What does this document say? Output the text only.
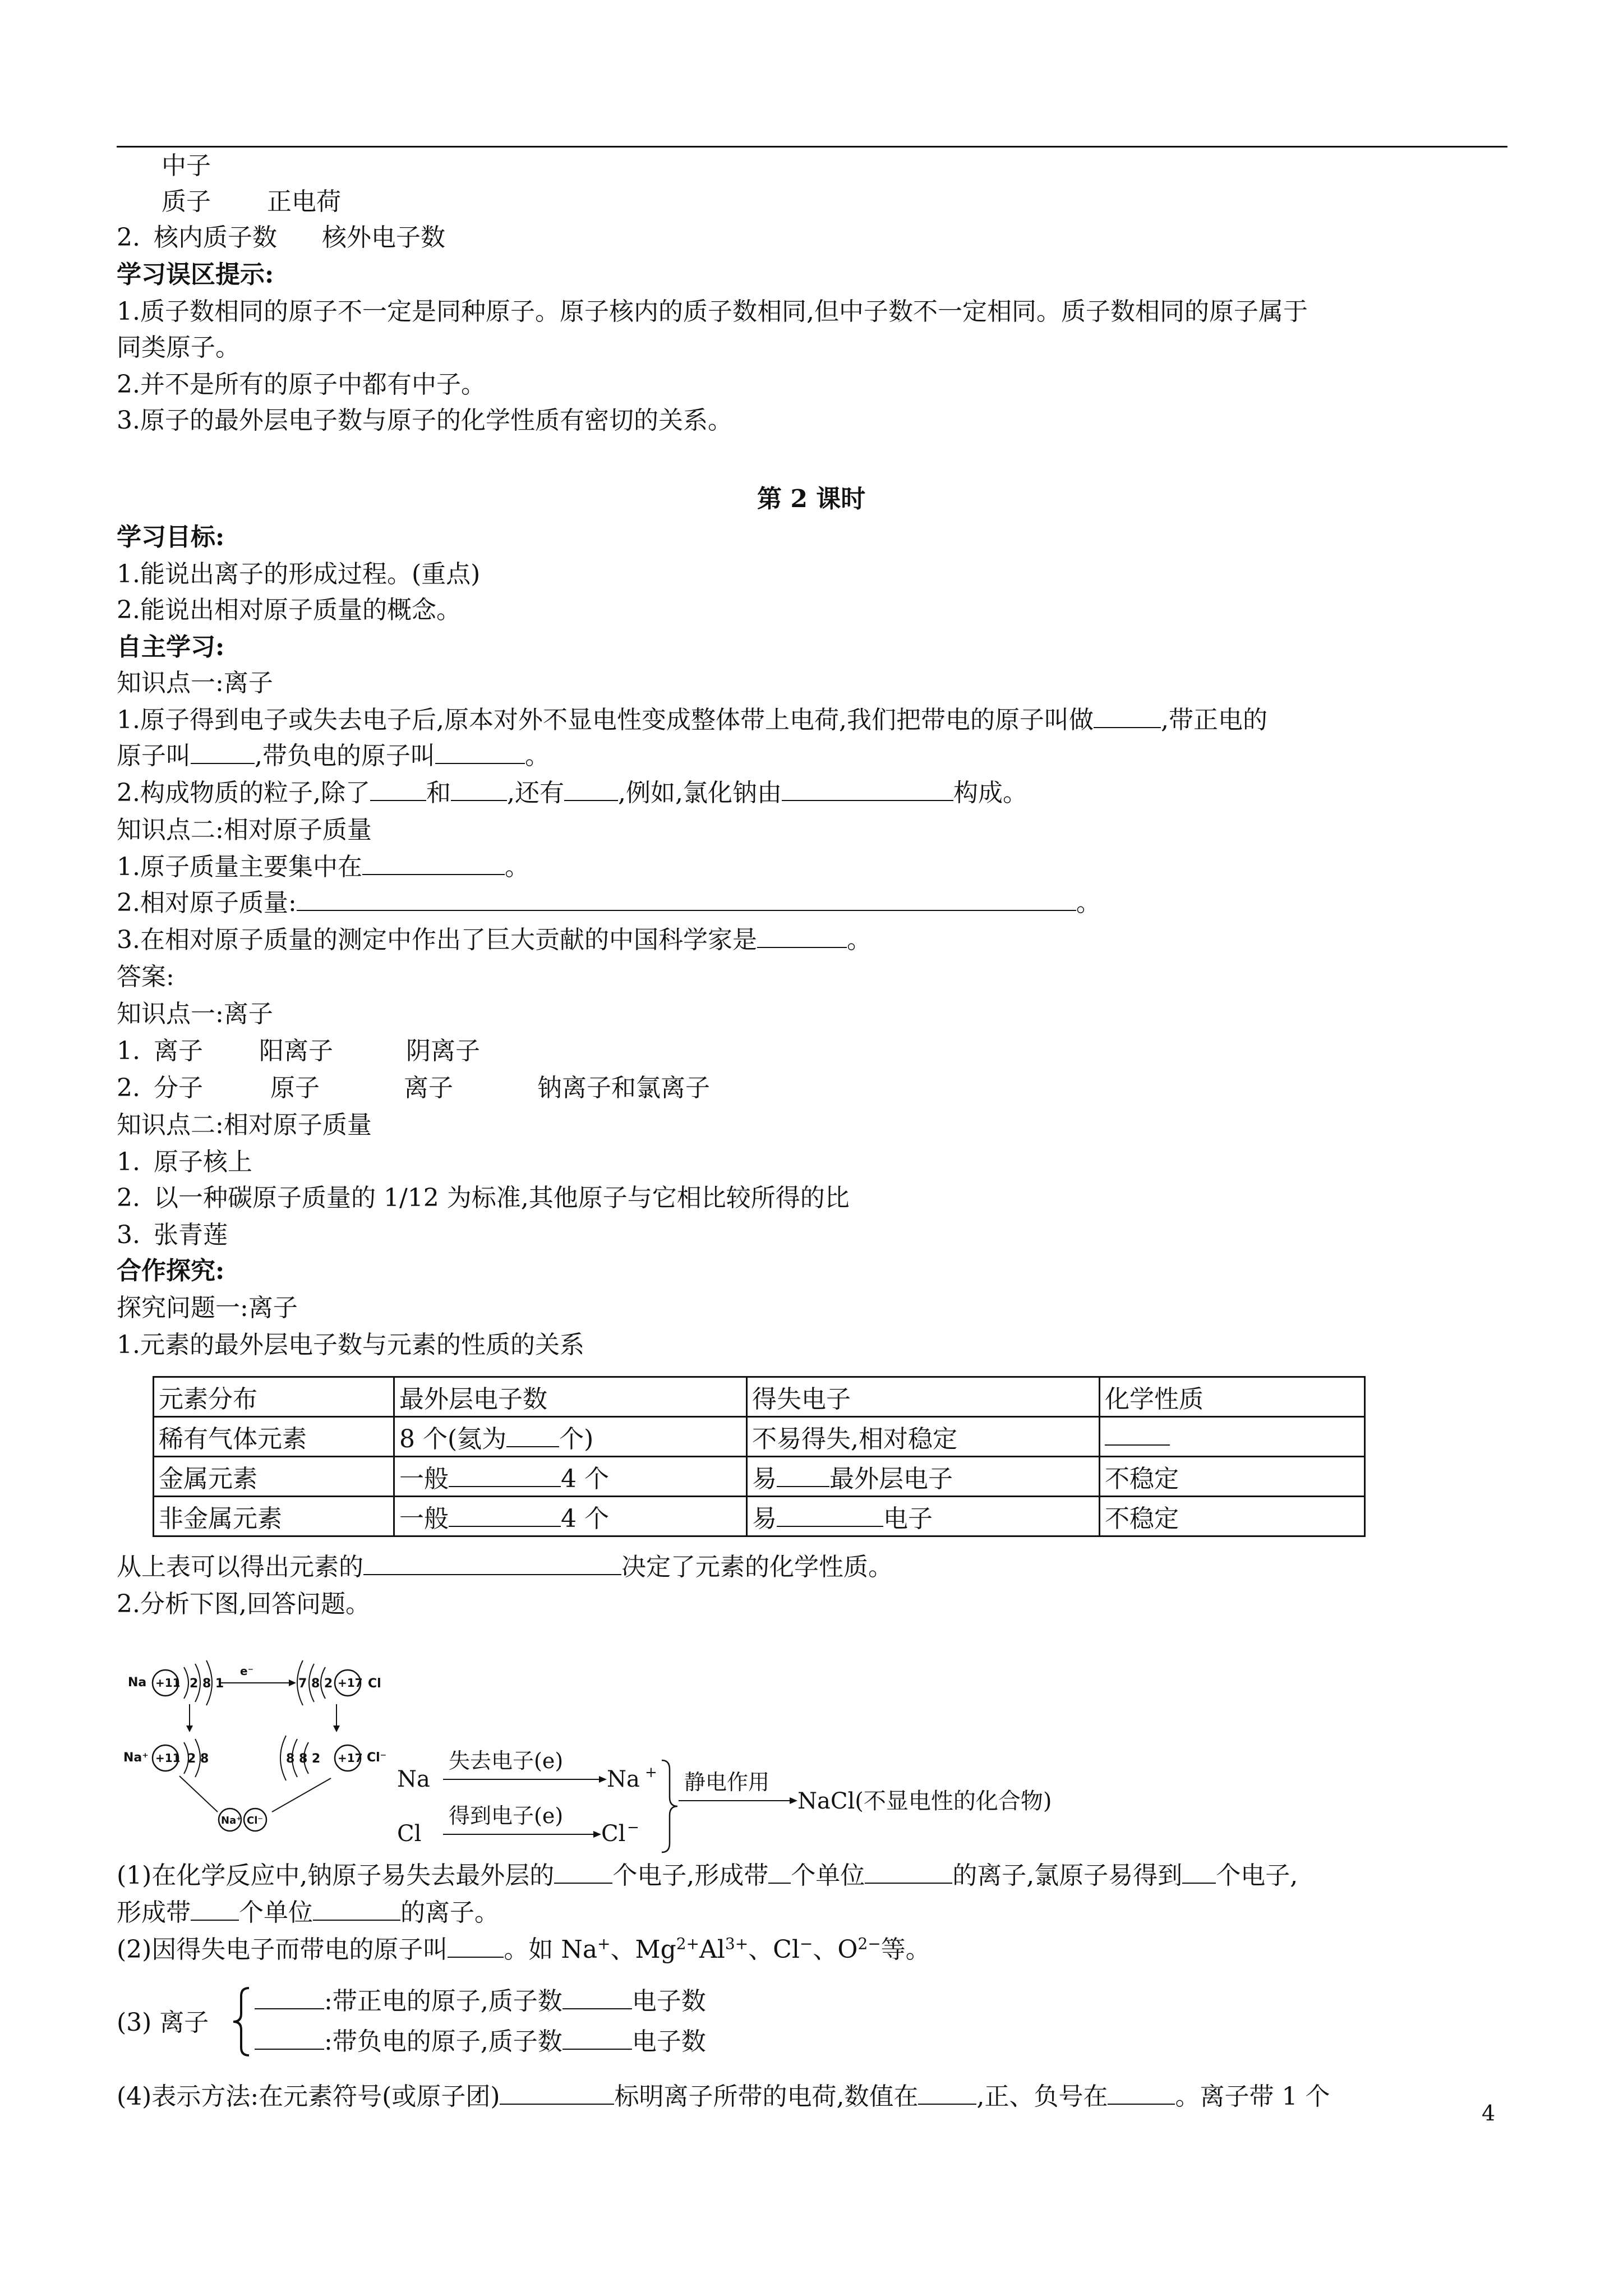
中子
质子 正电荷
2. 核内质子数 核外电子数
学习误区提示:
1.质子数相同的原子不一定是同种原子。原子核内的质子数相同,但中子数不一定相同。质子数相同的原子属于
同类原子。
2.并不是所有的原子中都有中子。
3.原子的最外层电子数与原子的化学性质有密切的关系。
第 2 课时
学习目标:
1.能说出离子的形成过程。(重点)
2.能说出相对原子质量的概念。
自主学习:
知识点一:离子
1.原子得到电子或失去电子后,原本对外不显电性变成整体带上电荷,我们把带电的原子叫做	,带正电的
原子叫	,带负电的原子叫	。
2.构成物质的粒子,除了 和 ,还有 ,例如,氯化钠由	构成。
知识点二:相对原子质量
1.原子质量主要集中在	。
2.相对原子质量:	。
3.在相对原子质量的测定中作出了巨大贡献的中国科学家是	。
答案:
知识点一:离子
1. 离子 阳离子	阴离子
2. 分子	原子	离子	钠离子和氯离子
知识点二:相对原子质量
1. 原子核上
2. 以一种碳原子质量的 1/12 为标准,其他原子与它相比较所得的比
3. 张青莲
合作探究:
探究问题一:离子
1.元素的最外层电子数与元素的性质的关系
元素分布	最外层电子数	得失电子	化学性质
稀有气体元素	8 个(氦为 个)	不易得失,相对稳定	
金属元素	一般 4 个	易 最外层电子	不稳定
非金属元素	一般 4 个	易 电子	不稳定
从上表可以得出元素的	决定了元素的化学性质。
2.分析下图,回答问题。
Na +11 2 8 1
e⁻
7 8 2 +17 Cl
Na⁺ +11 2 8	8 8 2 +17 Cl⁻
Na⁺ Cl⁻
Na
失去电子(e)
Na +
Cl
得到电子(e)
Cl −
静电作用
NaCl(不显电性的化合物)
(1)在化学反应中,钠原子易失去最外层的 个电子,形成带 个单位	的离子,氯原子易得到 个电子,
形成带 个单位	的离子。
(2)因得失电子而带电的原子叫 。如 Na+、$Mg^{2+}Al^{3+}$、Cl−、$O^{2-}$等。
(3) 离子
:带正电的原子,质子数	电子数
:带负电的原子,质子数	电子数
(4)表示方法:在元素符号(或原子团)	标明离子所带的电荷,数值在 ,正、负号在	。离子带 1 个
4
